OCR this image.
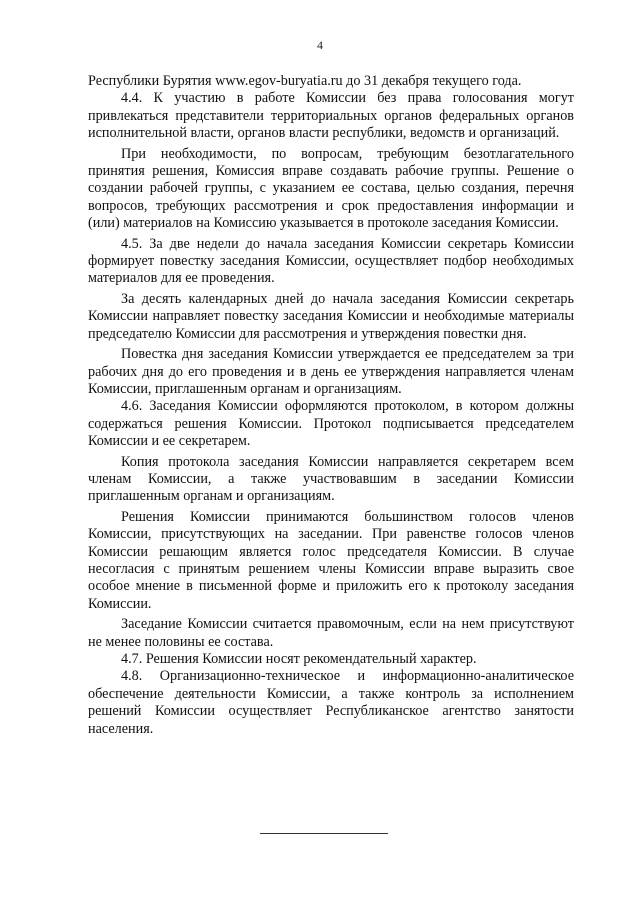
4

Республики Бурятия www.egov-buryatia.ru до 31 декабря текущего года.

4.4. К участию в работе Комиссии без права голосования могут привлекаться представители территориальных органов федеральных органов исполнительной власти, органов власти республики, ведомств и организаций.

При необходимости, по вопросам, требующим безотлагательного принятия решения, Комиссия вправе создавать рабочие группы. Решение о создании рабочей группы, с указанием ее состава, целью создания, перечня вопросов, требующих рассмотрения и срок предоставления информации и (или) материалов на Комиссию указывается в протоколе заседания Комиссии.

4.5. За две недели до начала заседания Комиссии секретарь Комиссии формирует повестку заседания Комиссии, осуществляет подбор необходимых материалов для ее проведения.

За десять календарных дней до начала заседания Комиссии секретарь Комиссии направляет повестку заседания Комиссии и необходимые материалы председателю Комиссии для рассмотрения и утверждения повестки дня.

Повестка дня заседания Комиссии утверждается ее председателем за три рабочих дня до его проведения и в день ее утверждения направляется членам Комиссии, приглашенным органам и организациям.

4.6. Заседания Комиссии оформляются протоколом, в котором должны содержаться решения Комиссии. Протокол подписывается председателем Комиссии и ее секретарем.

Копия протокола заседания Комиссии направляется секретарем всем членам Комиссии, а также участвовавшим в заседании Комиссии приглашенным органам и организациям.

Решения Комиссии принимаются большинством голосов членов Комиссии, присутствующих на заседании. При равенстве голосов членов Комиссии решающим является голос председателя Комиссии. В случае несогласия с принятым решением члены Комиссии вправе выразить свое особое мнение в письменной форме и приложить его к протоколу заседания Комиссии.

Заседание Комиссии считается правомочным, если на нем присутствуют не менее половины ее состава.

4.7. Решения Комиссии носят рекомендательный характер.

4.8. Организационно-техническое и информационно-аналитическое обеспечение деятельности Комиссии, а также контроль за исполнением решений Комиссии осуществляет Республиканское агентство занятости населения.
